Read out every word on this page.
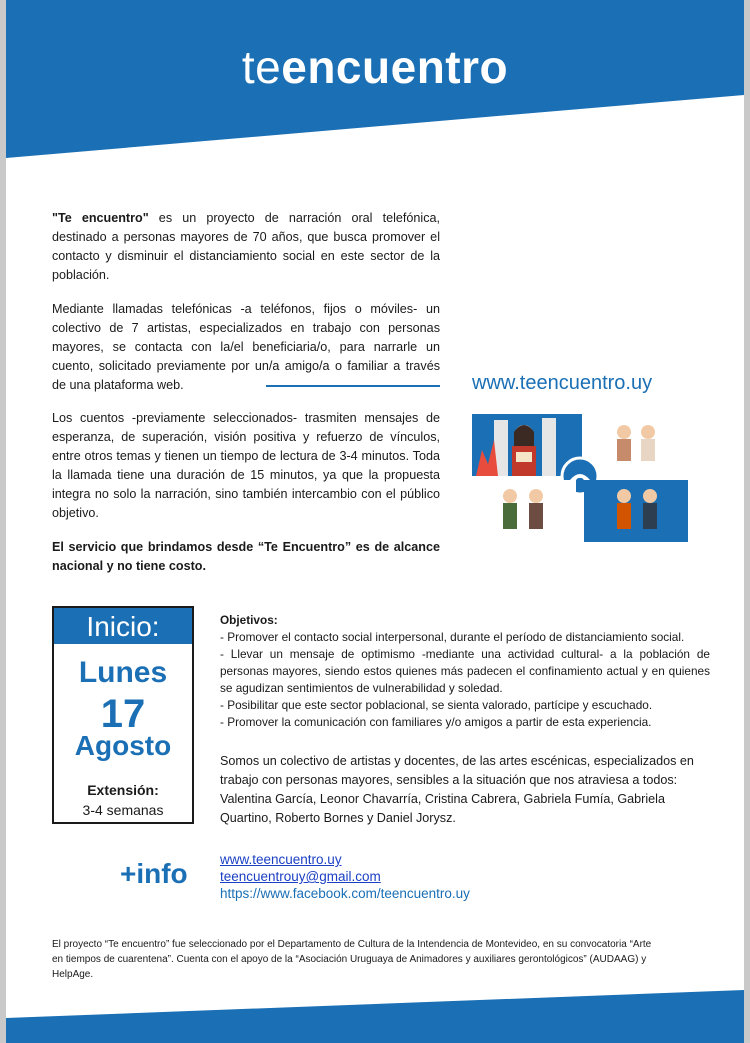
teencuentro
"Te encuentro" es un proyecto de narración oral telefónica, destinado a personas mayores de 70 años, que busca promover el contacto y disminuir el distanciamiento social en este sector de la población.
Mediante llamadas telefónicas -a teléfonos, fijos o móviles- un colectivo de 7 artistas, especializados en trabajo con personas mayores, se contacta con la/el beneficiaria/o, para narrarle un cuento, solicitado previamente por un/a amigo/a o familiar a través de una plataforma web.
Los cuentos -previamente seleccionados- trasmiten mensajes de esperanza, de superación, visión positiva y refuerzo de vínculos, entre otros temas y tienen un tiempo de lectura de 3-4 minutos. Toda la llamada tiene una duración de 15 minutos, ya que la propuesta integra no solo la narración, sino también intercambio con el público objetivo.
El servicio que brindamos desde “Te Encuentro” es de alcance nacional y no tiene costo.
www.teencuentro.uy
Inicio:
Lunes
17
Agosto
Extensión:
3-4 semanas
Objetivos:
- Promover el contacto social interpersonal, durante el período de distanciamiento social.
- Llevar un mensaje de optimismo -mediante una actividad cultural- a la población de personas mayores, siendo estos quienes más padecen el confinamiento actual y en quienes se agudizan sentimientos de vulnerabilidad y soledad.
- Posibilitar que este sector poblacional, se sienta valorado, partícipe y escuchado.
- Promover la comunicación con familiares y/o amigos a partir de esta experiencia.
Somos un colectivo de artistas y docentes, de las artes escénicas, especializados en trabajo con personas mayores, sensibles a la situación que nos atraviesa a todos: Valentina García, Leonor Chavarría, Cristina Cabrera, Gabriela Fumía, Gabriela Quartino, Roberto Bornes y Daniel Jorysz.
+info www.teencuentro.uy
teencuentrouy@gmail.com
https://www.facebook.com/teencuentro.uy
El proyecto “Te encuentro” fue seleccionado por el Departamento de Cultura de la Intendencia de Montevideo, en su convocatoria “Arte en tiempos de cuarentena”. Cuenta con el apoyo de la “Asociación Uruguaya de Animadores y auxiliares gerontológicos” (AUDAAG) y HelpAge.
